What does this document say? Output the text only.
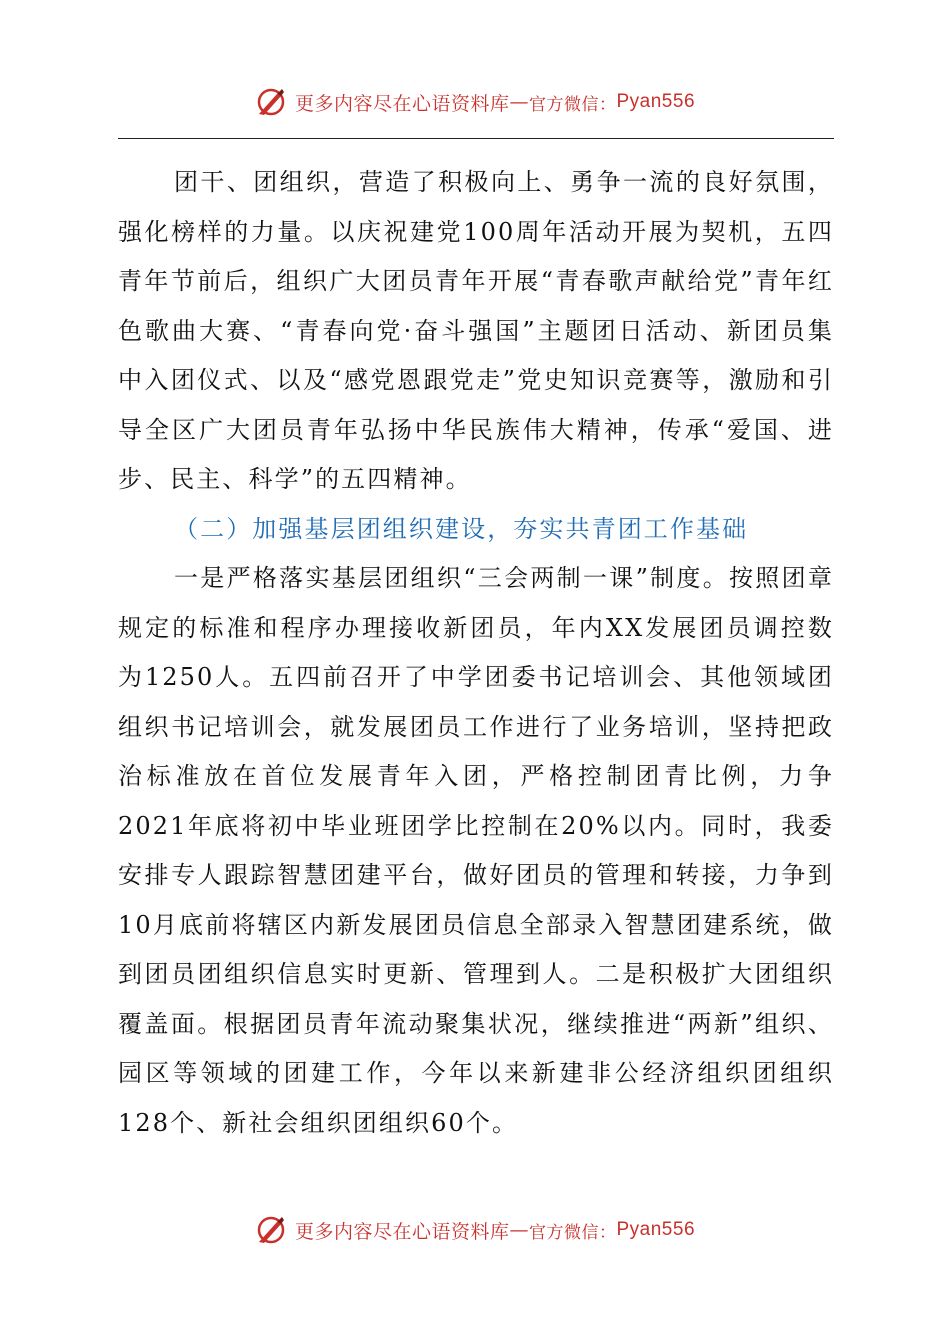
更多内容尽在心语资料库 — 官方微信： Pyan556

团干、团组织，营造了积极向上、勇争一流的良好氛围，强化榜样的力量。以庆祝建党100周年活动开展为契机，五四青年节前后，组织广大团员青年开展“青春歌声献给党”青年红色歌曲大赛、“青春向党·奋斗强国”主题团日活动、新团员集中入团仪式、以及“感党恩跟党走”党史知识竞赛等，激励和引导全区广大团员青年弘扬中华民族伟大精神，传承“爱国、进步、民主、科学”的五四精神。

（二）加强基层团组织建设，夯实共青团工作基础

一是严格落实基层团组织“三会两制一课”制度。按照团章规定的标准和程序办理接收新团员，年内XX发展团员调控数为1250人。五四前召开了中学团委书记培训会、其他领域团组织书记培训会，就发展团员工作进行了业务培训，坚持把政治标准放在首位发展青年入团，严格控制团青比例，力争2021年底将初中毕业班团学比控制在20%以内。同时，我委安排专人跟踪智慧团建平台，做好团员的管理和转接，力争到10月底前将辖区内新发展团员信息全部录入智慧团建系统，做到团员团组织信息实时更新、管理到人。二是积极扩大团组织覆盖面。根据团员青年流动聚集状况，继续推进“两新”组织、园区等领域的团建工作，今年以来新建非公经济组织团组织128个、新社会组织团组织60个。

更多内容尽在心语资料库 — 官方微信： Pyan556
